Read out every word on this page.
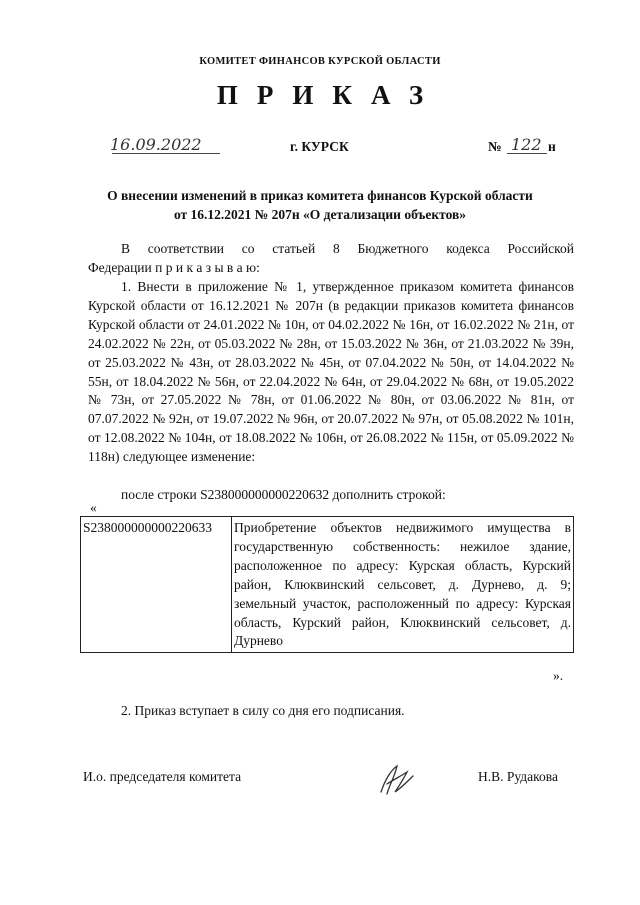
КОМИТЕТ ФИНАНСОВ КУРСКОЙ ОБЛАСТИ
ПРИКАЗ
16.09.2022	г. КУРСК	№ 122 н
О внесении изменений в приказ комитета финансов Курской области
от 16.12.2021 № 207н «О детализации объектов»
В соответствии со статьей 8 Бюджетного кодекса Российской
Федерации п р и к а з ы в а ю:
1. Внести в приложение № 1, утвержденное приказом комитета финансов Курской области от 16.12.2021 № 207н (в редакции приказов комитета финансов Курской области от 24.01.2022 № 10н, от 04.02.2022 № 16н, от 16.02.2022 № 21н, от 24.02.2022 № 22н, от 05.03.2022 № 28н, от 15.03.2022 № 36н, от 21.03.2022 № 39н, от 25.03.2022 № 43н, от 28.03.2022 № 45н, от 07.04.2022 № 50н, от 14.04.2022 № 55н, от 18.04.2022 № 56н, от 22.04.2022 № 64н, от 29.04.2022 № 68н, от 19.05.2022 № 73н, от 27.05.2022 № 78н, от 01.06.2022 № 80н, от 03.06.2022 № 81н, от 07.07.2022 № 92н, от 19.07.2022 № 96н, от 20.07.2022 № 97н, от 05.08.2022 № 101н, от 12.08.2022 № 104н, от 18.08.2022 № 106н, от 26.08.2022 № 115н, от 05.09.2022 № 118н) следующее изменение:
после строки S238000000000220632 дополнить строкой:
«
S238000000000220633	Приобретение объектов недвижимого имущества в государственную собственность: нежилое здание, расположенное по адресу: Курская область, Курский район, Клюквинский сельсовет, д. Дурнево, д. 9; земельный участок, расположенный по адресу: Курская область, Курский район, Клюквинский сельсовет, д. Дурнево
».
2. Приказ вступает в силу со дня его подписания.
И.о. председателя комитета	Н.В. Рудакова
